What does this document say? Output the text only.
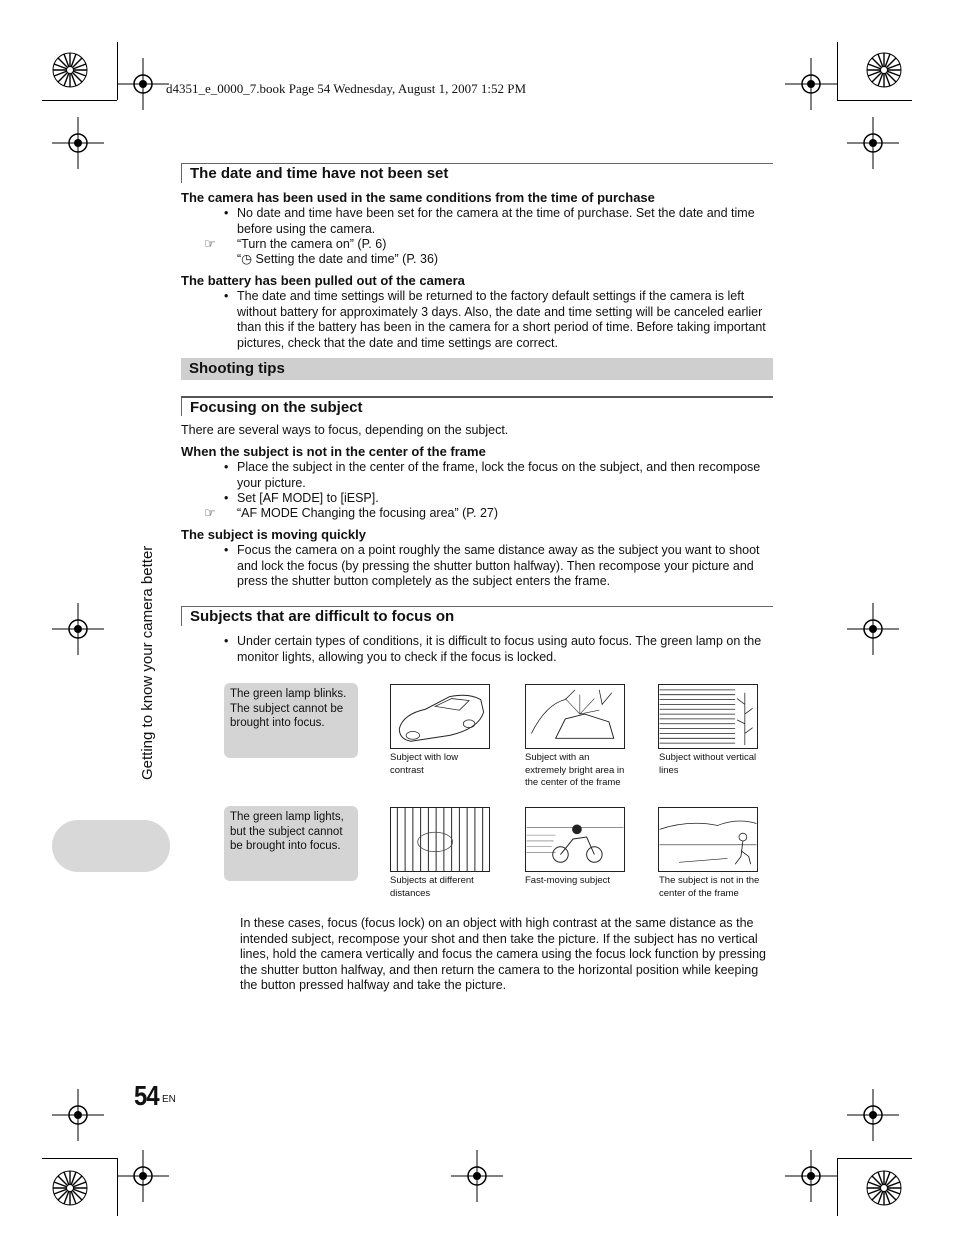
d4351_e_0000_7.book Page 54 Wednesday, August 1, 2007 1:52 PM
The date and time have not been set
The camera has been used in the same conditions from the time of purchase
• No date and time have been set for the camera at the time of purchase. Set the date and time before using the camera.
☞ “Turn the camera on” (P. 6)
“◷ Setting the date and time” (P. 36)
The battery has been pulled out of the camera
• The date and time settings will be returned to the factory default settings if the camera is left without battery for approximately 3 days. Also, the date and time setting will be canceled earlier than this if the battery has been in the camera for a short period of time. Before taking important pictures, check that the date and time settings are correct.
Shooting tips
Focusing on the subject
There are several ways to focus, depending on the subject.
When the subject is not in the center of the frame
• Place the subject in the center of the frame, lock the focus on the subject, and then recompose your picture.
• Set [AF MODE] to [iESP].
☞ “AF MODE Changing the focusing area” (P. 27)
The subject is moving quickly
• Focus the camera on a point roughly the same distance away as the subject you want to shoot and lock the focus (by pressing the shutter button halfway). Then recompose your picture and press the shutter button completely as the subject enters the frame.
Subjects that are difficult to focus on
• Under certain types of conditions, it is difficult to focus using auto focus. The green lamp on the monitor lights, allowing you to check if the focus is locked.
The green lamp blinks.
The subject cannot be brought into focus.
The green lamp lights, but the subject cannot be brought into focus.
Subject with low contrast
Subject with an extremely bright area in the center of the frame
Subject without vertical lines
Subjects at different distances
Fast-moving subject	The subject is not in the center of the frame
In these cases, focus (focus lock) on an object with high contrast at the same distance as the intended subject, recompose your shot and then take the picture. If the subject has no vertical lines, hold the camera vertically and focus the camera using the focus lock function by pressing the shutter button halfway, and then return the camera to the horizontal position while keeping the button pressed halfway and take the picture.
Getting to know your camera better
54 EN
